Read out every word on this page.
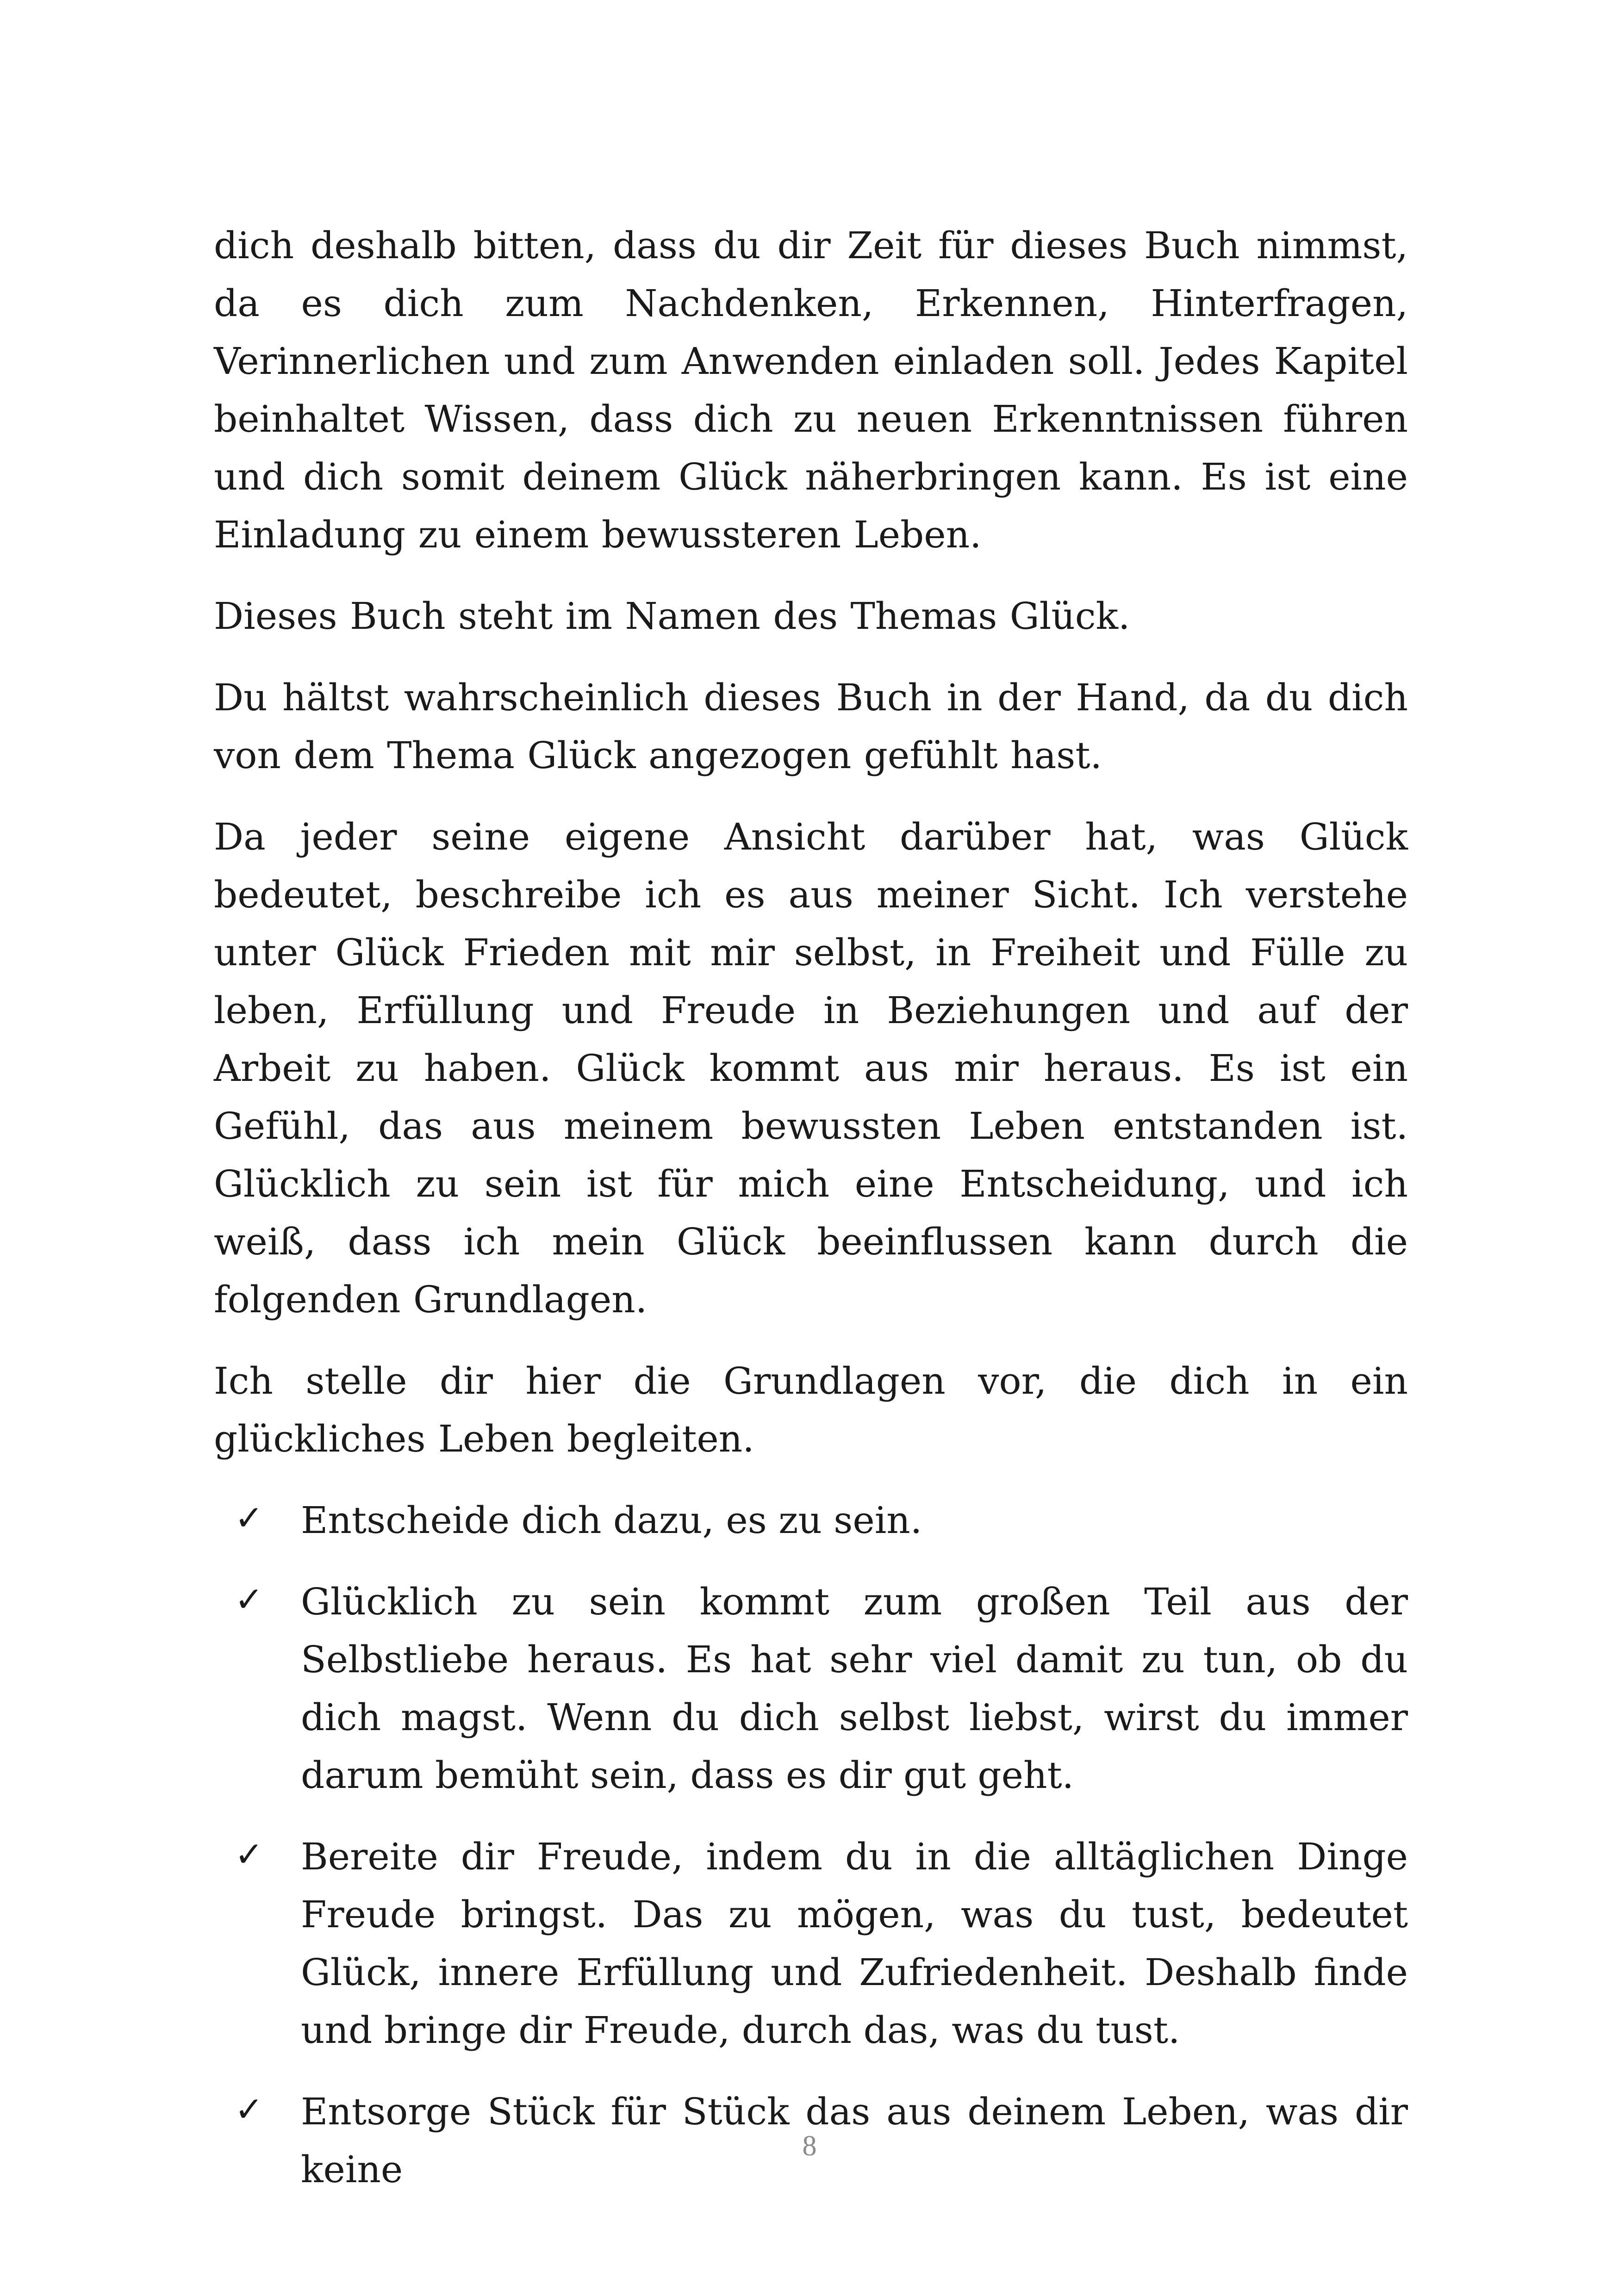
dich deshalb bitten, dass du dir Zeit für dieses Buch nimmst, da es dich zum Nachdenken, Erkennen, Hinterfragen, Verinnerlichen und zum Anwenden einladen soll. Jedes Kapitel beinhaltet Wissen, dass dich zu neuen Erkenntnissen führen und dich somit deinem Glück näherbringen kann. Es ist eine Einladung zu einem bewussteren Leben.

Dieses Buch steht im Namen des Themas Glück.

Du hältst wahrscheinlich dieses Buch in der Hand, da du dich von dem Thema Glück angezogen gefühlt hast.

Da jeder seine eigene Ansicht darüber hat, was Glück bedeutet, beschreibe ich es aus meiner Sicht. Ich verstehe unter Glück Frieden mit mir selbst, in Freiheit und Fülle zu leben, Erfüllung und Freude in Beziehungen und auf der Arbeit zu haben. Glück kommt aus mir heraus. Es ist ein Gefühl, das aus meinem bewussten Leben entstanden ist. Glücklich zu sein ist für mich eine Entscheidung, und ich weiß, dass ich mein Glück beeinflussen kann durch die folgenden Grundlagen.

Ich stelle dir hier die Grundlagen vor, die dich in ein glückliches Leben begleiten.

✓ Entscheide dich dazu, es zu sein.
✓ Glücklich zu sein kommt zum großen Teil aus der Selbstliebe heraus. Es hat sehr viel damit zu tun, ob du dich magst. Wenn du dich selbst liebst, wirst du immer darum bemüht sein, dass es dir gut geht.
✓ Bereite dir Freude, indem du in die alltäglichen Dinge Freude bringst. Das zu mögen, was du tust, bedeutet Glück, innere Erfüllung und Zufriedenheit. Deshalb finde und bringe dir Freude, durch das, was du tust.
✓ Entsorge Stück für Stück das aus deinem Leben, was dir keine
8
